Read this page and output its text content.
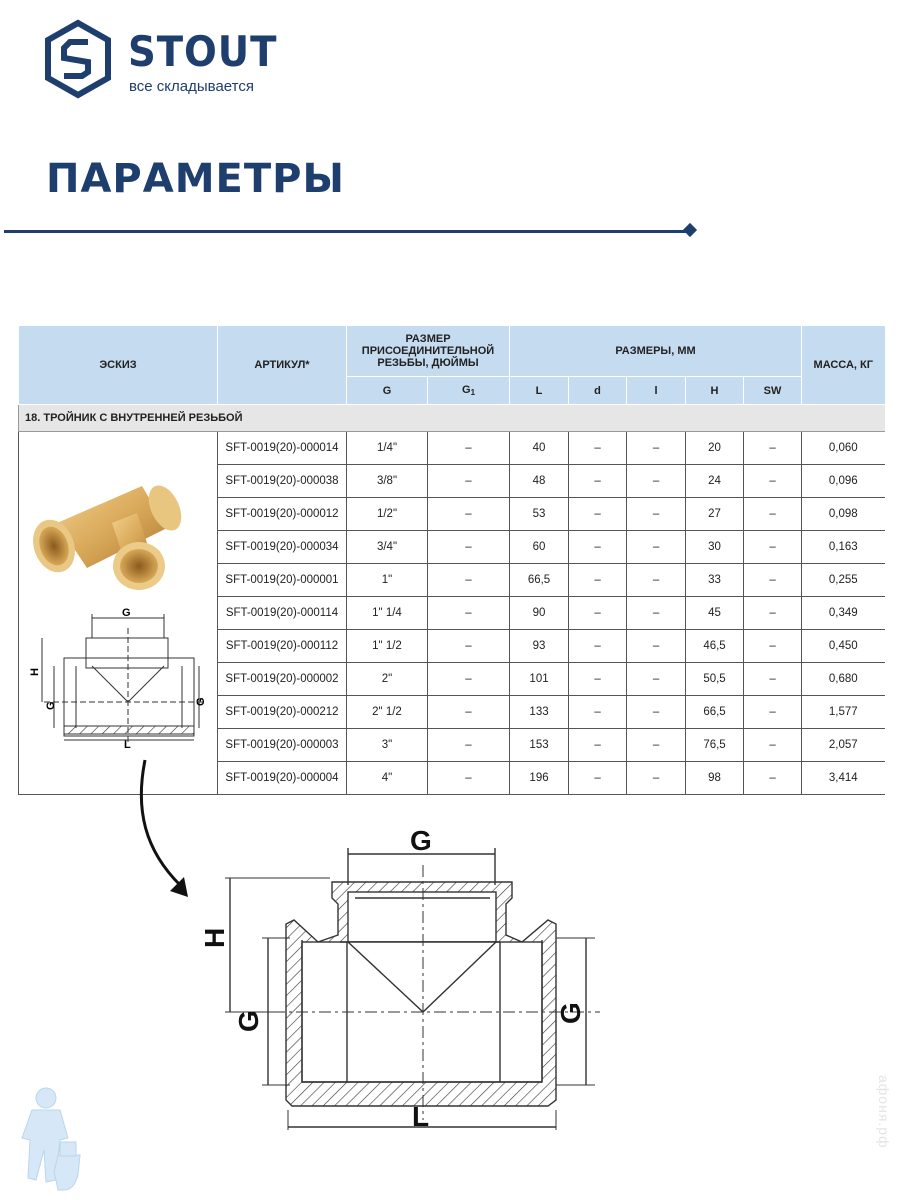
STOUT
все складывается
ПАРАМЕТРЫ
ЭСКИЗ	АРТИКУЛ*	РАЗМЕР ПРИСОЕДИНИТЕЛЬНОЙ РЕЗЬБЫ, ДЮЙМЫ		РАЗМЕРЫ, ММ					МАССА, КГ
		G	G1	L	d	l	H	SW	
18. ТРОЙНИК С ВНУТРЕННЕЙ РЕЗЬБОЙ									
	SFT-0019(20)-000014	1/4"	–	40	–	–	20	–	0,060
	SFT-0019(20)-000038	3/8"	–	48	–	–	24	–	0,096
	SFT-0019(20)-000012	1/2"	–	53	–	–	27	–	0,098
	SFT-0019(20)-000034	3/4"	–	60	–	–	30	–	0,163
	SFT-0019(20)-000001	1"	–	66,5	–	–	33	–	0,255
	SFT-0019(20)-000114	1" 1/4	–	90	–	–	45	–	0,349
	SFT-0019(20)-000112	1" 1/2	–	93	–	–	46,5	–	0,450
	SFT-0019(20)-000002	2"	–	101	–	–	50,5	–	0,680
	SFT-0019(20)-000212	2" 1/2	–	133	–	–	66,5	–	1,577
	SFT-0019(20)-000003	3"	–	153	–	–	76,5	–	2,057
	SFT-0019(20)-000004	4"	–	196	–	–	98	–	3,414
G
H
G	G
L
G
H
G	G
L	афоня.рф
